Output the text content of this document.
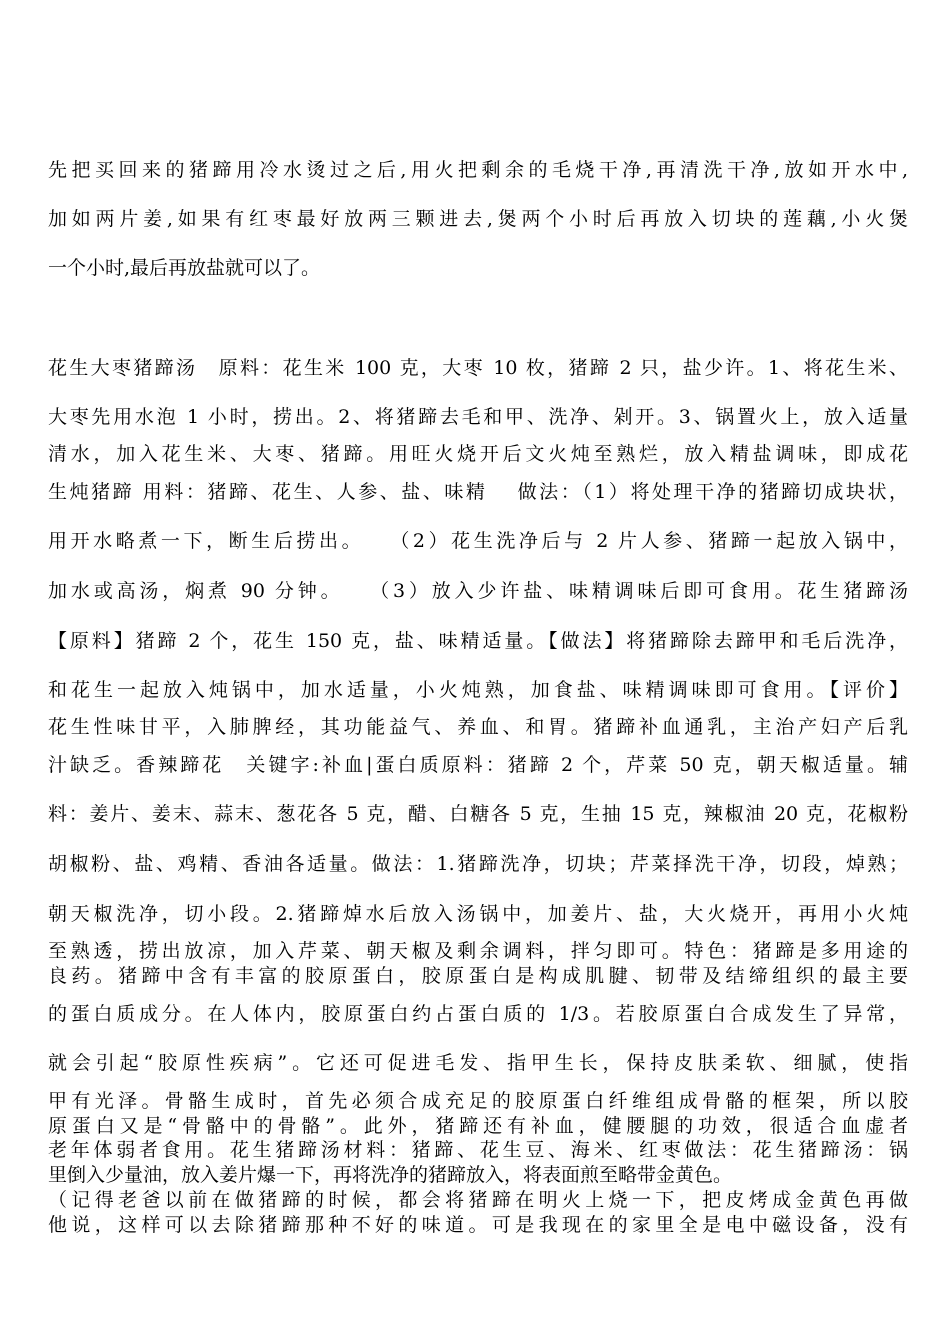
先把买回来的猪蹄用冷水烫过之后,用火把剩余的毛烧干净,再清洗干净,放如开水中,
加如两片姜,如果有红枣最好放两三颗进去,煲两个小时后再放入切块的莲藕,小火煲
一个小时,最后再放盐就可以了。
花生大枣猪蹄汤　原料：花生米 100 克，大枣 10 枚，猪蹄 2 只，盐少许。1、将花生米、
大枣先用水泡 1 小时，捞出。2、将猪蹄去毛和甲、洗净、剁开。3、锅置火上，放入适量
清水，加入花生米、大枣、猪蹄。用旺火烧开后文火炖至熟烂，放入精盐调味，即成花
生炖猪蹄 用料：猪蹄、花生、人参、盐、味精　 做法：（1）将处理干净的猪蹄切成块状，
用开水略煮一下，断生后捞出。　　（2）花生洗净后与 2 片人参、猪蹄一起放入锅中，
加水或高汤，焖煮 90 分钟。　　（3）放入少许盐、味精调味后即可食用。花生猪蹄汤
【原料】猪蹄 2 个，花生 150 克，盐、味精适量。【做法】将猪蹄除去蹄甲和毛后洗净，
和花生一起放入炖锅中，加水适量，小火炖熟，加食盐、味精调味即可食用。【评价】
花生性味甘平，入肺脾经，其功能益气、养血、和胃。猪蹄补血通乳，主治产妇产后乳
汁缺乏。香辣蹄花　关键字:补血|蛋白质原料：猪蹄 2 个，芹菜 50 克，朝天椒适量。辅
料：姜片、姜末、蒜末、葱花各 5 克，醋、白糖各 5 克，生抽 15 克，辣椒油 20 克，花椒粉
胡椒粉、盐、鸡精、香油各适量。做法：1.猪蹄洗净，切块；芹菜择洗干净，切段，焯熟；
朝天椒洗净，切小段。2.猪蹄焯水后放入汤锅中，加姜片、盐，大火烧开，再用小火炖
至熟透，捞出放凉，加入芹菜、朝天椒及剩余调料，拌匀即可。特色：猪蹄是多用途的
良药。猪蹄中含有丰富的胶原蛋白，胶原蛋白是构成肌腱、韧带及结缔组织的最主要
的蛋白质成分。在人体内，胶原蛋白约占蛋白质的 1/3。若胶原蛋白合成发生了异常，
就会引起“胶原性疾病”。它还可促进毛发、指甲生长，保持皮肤柔软、细腻，使指
甲有光泽。骨骼生成时，首先必须合成充足的胶原蛋白纤维组成骨骼的框架，所以胶
原蛋白又是“骨骼中的骨骼”。此外，猪蹄还有补血，健腰腿的功效，很适合血虚者
老年体弱者食用。花生猪蹄汤材料：猪蹄、花生豆、海米、红枣做法：花生猪蹄汤：锅
里倒入少量油，放入姜片爆一下，再将洗净的猪蹄放入，将表面煎至略带金黄色。
（记得老爸以前在做猪蹄的时候，都会将猪蹄在明火上烧一下，把皮烤成金黄色再做
他说，这样可以去除猪蹄那种不好的味道。可是我现在的家里全是电中磁设备，没有
